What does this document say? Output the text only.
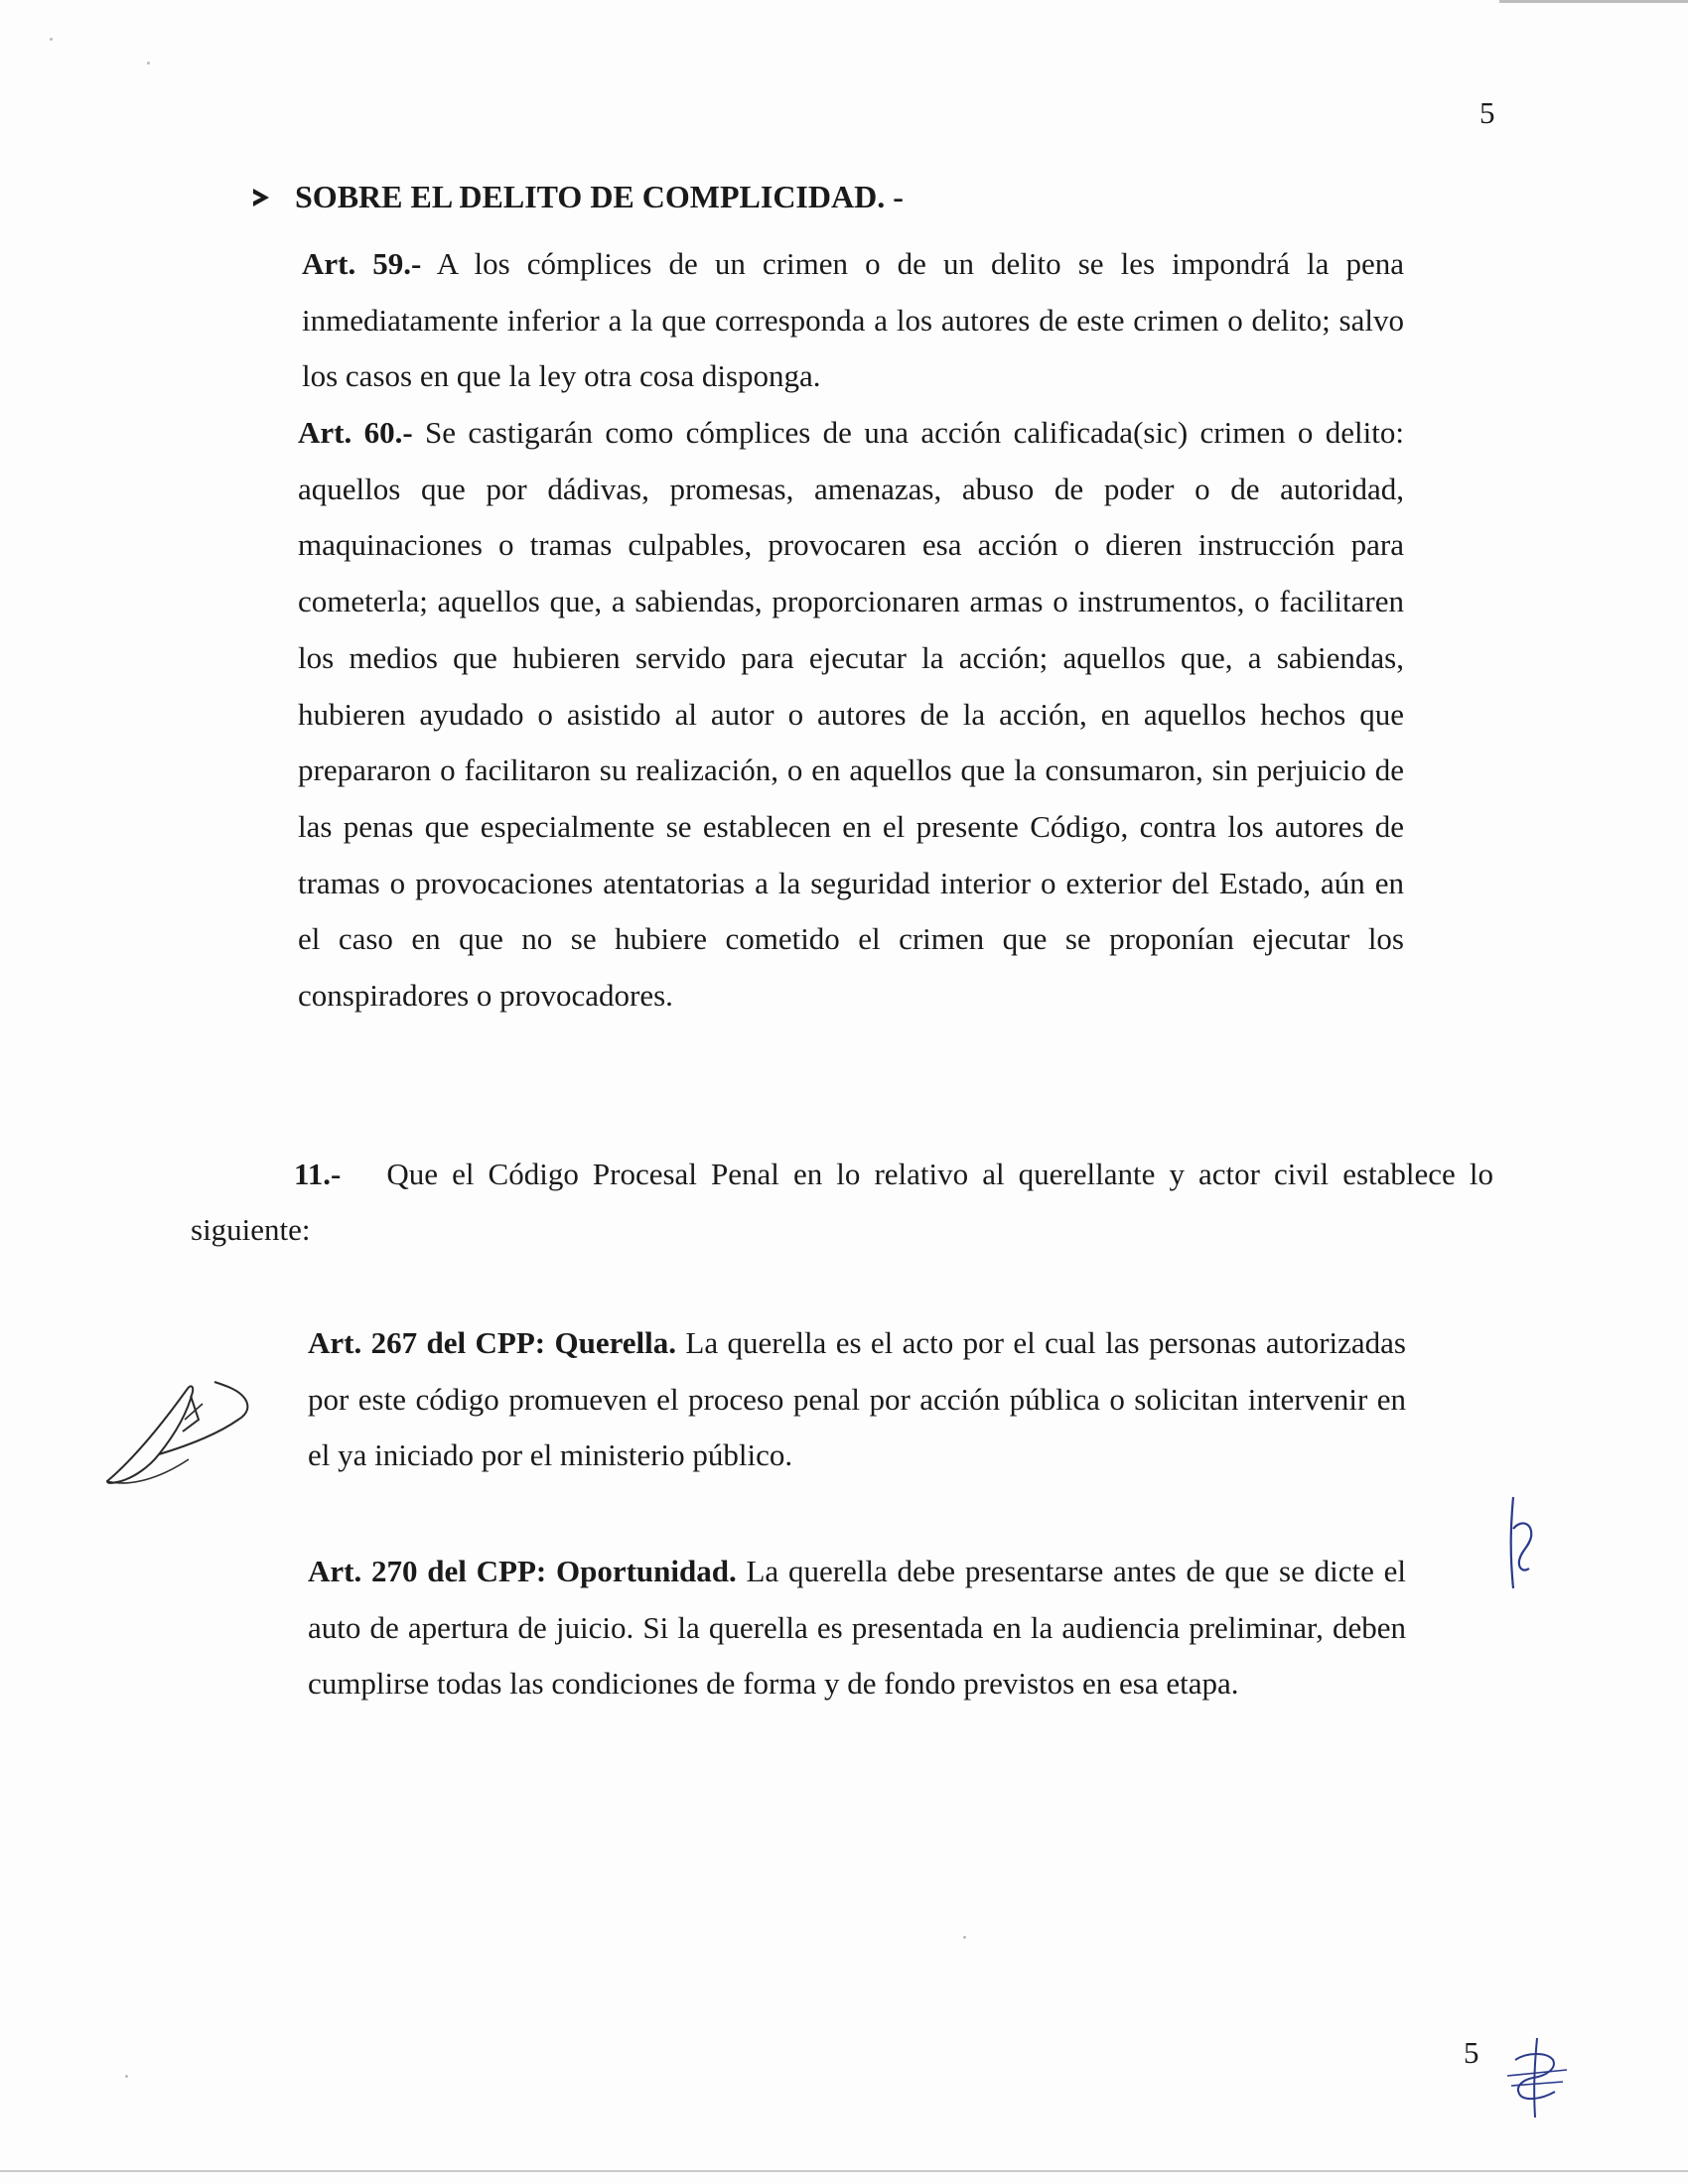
5
SOBRE EL DELITO DE COMPLICIDAD. -
Art. 59.- A los cómplices de un crimen o de un delito se les impondrá la pena inmediatamente inferior a la que corresponda a los autores de este crimen o delito; salvo los casos en que la ley otra cosa disponga.
Art. 60.- Se castigarán como cómplices de una acción calificada(sic) crimen o delito: aquellos que por dádivas, promesas, amenazas, abuso de poder o de autoridad, maquinaciones o tramas culpables, provocaren esa acción o dieren instrucción para cometerla; aquellos que, a sabiendas, proporcionaren armas o instrumentos, o facilitaren los medios que hubieren servido para ejecutar la acción; aquellos que, a sabiendas, hubieren ayudado o asistido al autor o autores de la acción, en aquellos hechos que prepararon o facilitaron su realización, o en aquellos que la consumaron, sin perjuicio de las penas que especialmente se establecen en el presente Código, contra los autores de tramas o provocaciones atentatorias a la seguridad interior o exterior del Estado, aún en el caso en que no se hubiere cometido el crimen que se proponían ejecutar los conspiradores o provocadores.
11.- Que el Código Procesal Penal en lo relativo al querellante y actor civil establece lo siguiente:
Art. 267 del CPP: Querella. La querella es el acto por el cual las personas autorizadas por este código promueven el proceso penal por acción pública o solicitan intervenir en el ya iniciado por el ministerio público.
Art. 270 del CPP: Oportunidad. La querella debe presentarse antes de que se dicte el auto de apertura de juicio. Si la querella es presentada en la audiencia preliminar, deben cumplirse todas las condiciones de forma y de fondo previstos en esa etapa.
5
